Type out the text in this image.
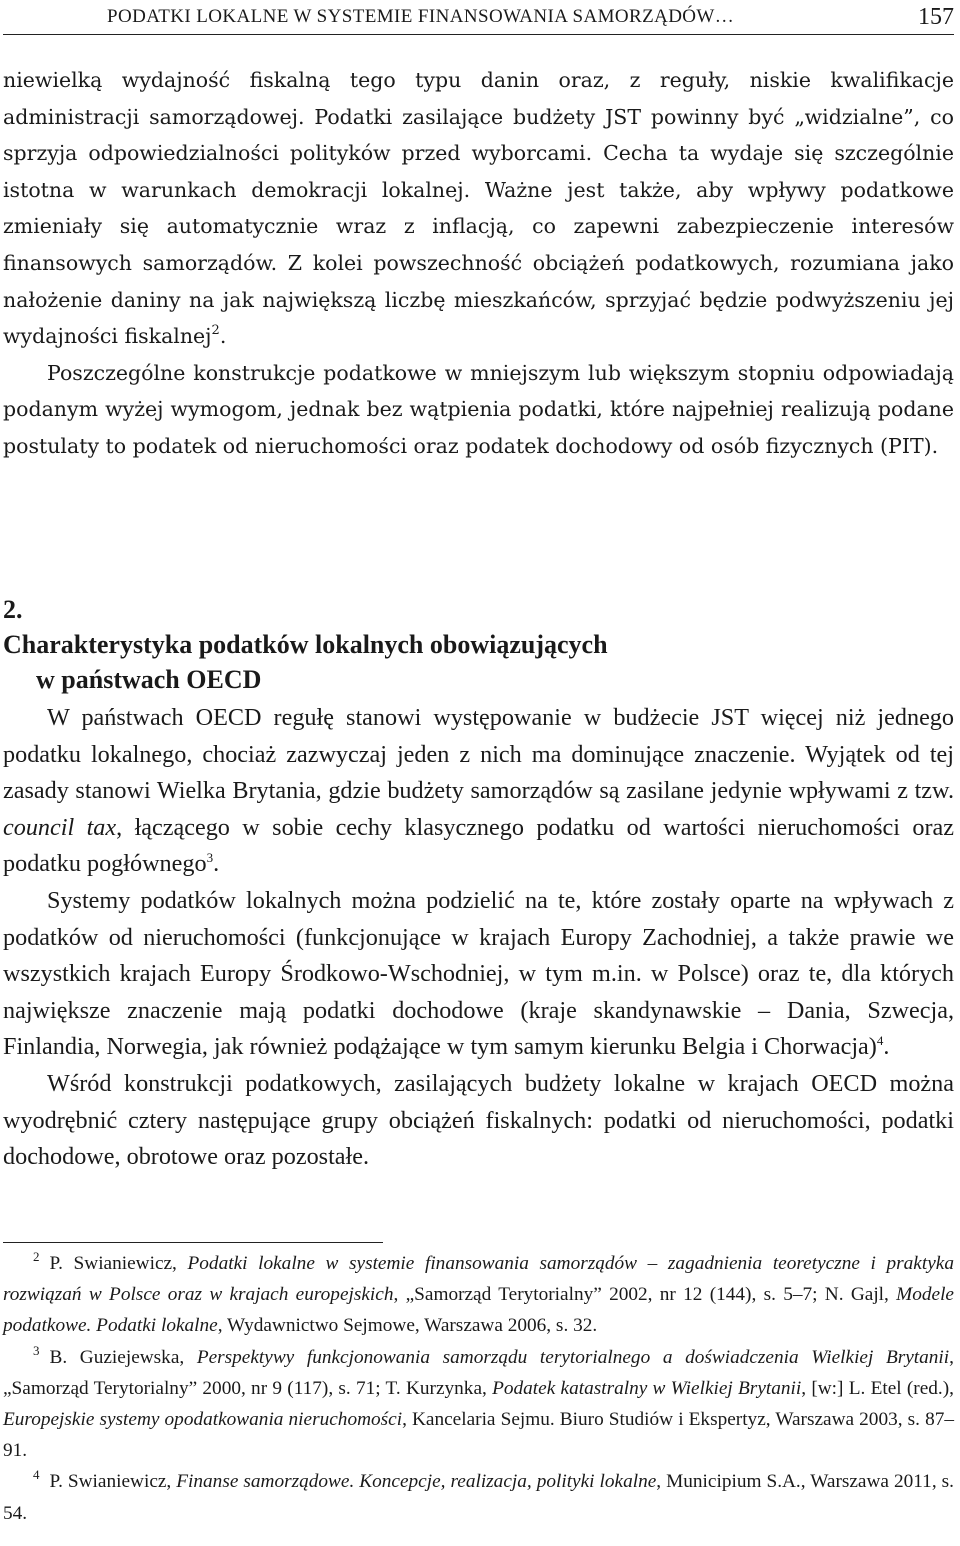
PODATKI LOKALNE W SYSTEMIE FINANSOWANIA SAMORZĄDÓW…	157

niewielką wydajność fiskalną tego typu danin oraz, z reguły, niskie kwalifikacje administracji samorządowej. Podatki zasilające budżety JST powinny być „widzialne”, co sprzyja odpowiedzialności polityków przed wyborcami. Cecha ta wydaje się szczególnie istotna w warunkach demokracji lokalnej. Ważne jest także, aby wpływy podatkowe zmieniały się automatycznie wraz z inflacją, co zapewni zabezpieczenie interesów finansowych samorządów. Z kolei powszechność obciążeń podatkowych, rozumiana jako nałożenie daniny na jak największą liczbę mieszkańców, sprzyjać będzie podwyższeniu jej wydajności fiskalnej$^2$.

Poszczególne konstrukcje podatkowe w mniejszym lub większym stopniu odpowiadają podanym wyżej wymogom, jednak bez wątpienia podatki, które najpełniej realizują podane postulaty to podatek od nieruchomości oraz podatek dochodowy od osób fizycznych (PIT).

2.
Charakterystyka podatków lokalnych obowiązujących
w państwach OECD

W państwach OECD regułę stanowi występowanie w budżecie JST więcej niż jednego podatku lokalnego, chociaż zazwyczaj jeden z nich ma dominujące znaczenie. Wyjątek od tej zasady stanowi Wielka Brytania, gdzie budżety samorządów są zasilane jedynie wpływami z tzw. council tax, łączącego w sobie cechy klasycznego podatku od wartości nieruchomości oraz podatku pogłównego$^3$.

Systemy podatków lokalnych można podzielić na te, które zostały oparte na wpływach z podatków od nieruchomości (funkcjonujące w krajach Europy Zachodniej, a także prawie we wszystkich krajach Europy Środkowo-Wschodniej, w tym m.in. w Polsce) oraz te, dla których największe znaczenie mają podatki dochodowe (kraje skandynawskie – Dania, Szwecja, Finlandia, Norwegia, jak również podążające w tym samym kierunku Belgia i Chorwacja)$^4$.

Wśród konstrukcji podatkowych, zasilających budżety lokalne w krajach OECD można wyodrębnić cztery następujące grupy obciążeń fiskalnych: podatki od nieruchomości, podatki dochodowe, obrotowe oraz pozostałe.

$^2$ P. Swianiewicz, Podatki lokalne w systemie finansowania samorządów – zagadnienia teoretyczne i praktyka rozwiązań w Polsce oraz w krajach europejskich, „Samorząd Terytorialny” 2002, nr 12 (144), s. 5–7; N. Gajl, Modele podatkowe. Podatki lokalne, Wydawnictwo Sejmowe, Warszawa 2006, s. 32.

$^3$ B. Guziejewska, Perspektywy funkcjonowania samorządu terytorialnego a doświadczenia Wielkiej Brytanii, „Samorząd Terytorialny” 2000, nr 9 (117), s. 71; T. Kurzynka, Podatek katastralny w Wielkiej Brytanii, [w:] L. Etel (red.), Europejskie systemy opodatkowania nieruchomości, Kancelaria Sejmu. Biuro Studiów i Ekspertyz, Warszawa 2003, s. 87–91.

$^4$ P. Swianiewicz, Finanse samorządowe. Koncepcje, realizacja, polityki lokalne, Municipium S.A., Warszawa 2011, s. 54.
